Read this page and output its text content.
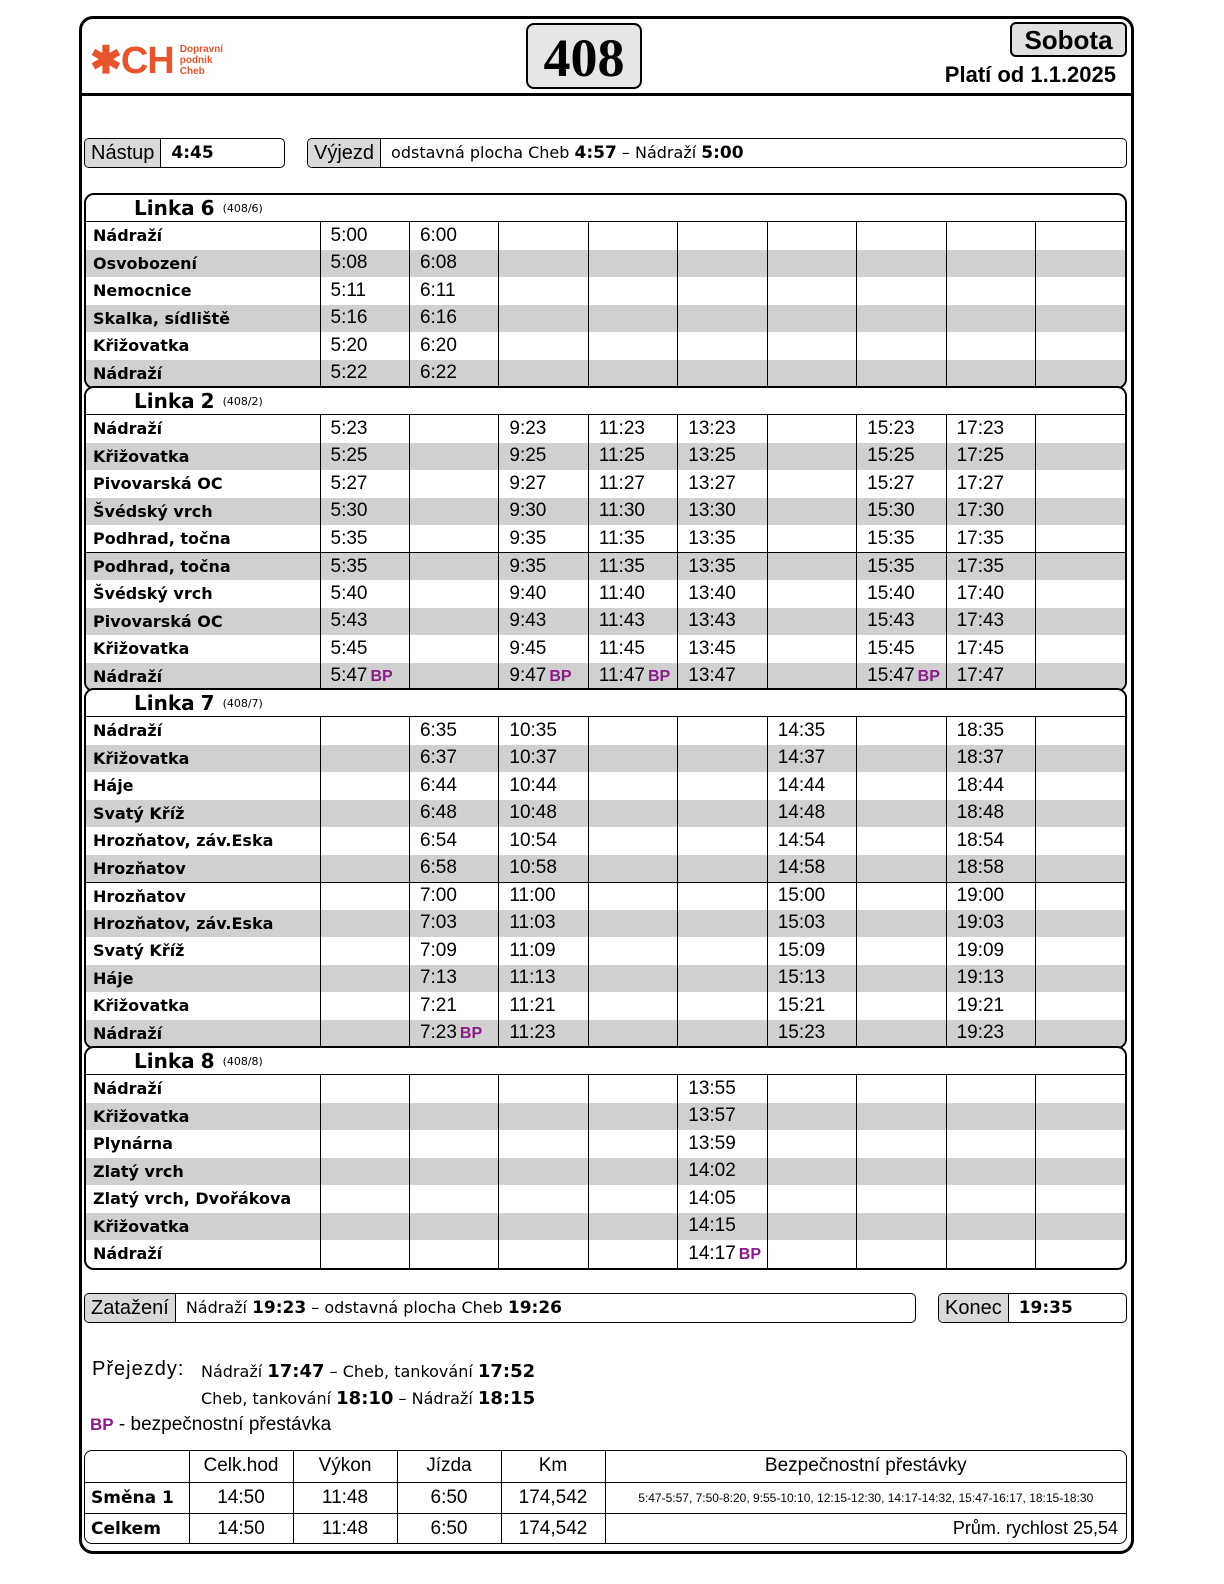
✱CH Dopravní
podnik
Cheb	408	Sobota
Platí od 1.1.2025
Nástup	4:45	Výjezd	odstavná plocha Cheb 4:57 – Nádraží 5:00
Linka 6 (408/6)
Nádraží	5:00	6:00							
Osvobození	5:08	6:08							
Nemocnice	5:11	6:11							
Skalka, sídliště	5:16	6:16							
Křižovatka	5:20	6:20							
Nádraží	5:22	6:22							
Linka 2 (408/2)
Nádraží	5:23		9:23	11:23	13:23		15:23	17:23	
Křižovatka	5:25		9:25	11:25	13:25		15:25	17:25	
Pivovarská OC	5:27		9:27	11:27	13:27		15:27	17:27	
Švédský vrch	5:30		9:30	11:30	13:30		15:30	17:30	
Podhrad, točna	5:35		9:35	11:35	13:35		15:35	17:35	
Podhrad, točna	5:35		9:35	11:35	13:35		15:35	17:35	
Švédský vrch	5:40		9:40	11:40	13:40		15:40	17:40	
Pivovarská OC	5:43		9:43	11:43	13:43		15:43	17:43	
Křižovatka	5:45		9:45	11:45	13:45		15:45	17:45	
Nádraží	5:47 BP		9:47 BP	11:47 BP	13:47		15:47 BP	17:47	
Linka 7 (408/7)
Nádraží		6:35	10:35			14:35		18:35	
Křižovatka		6:37	10:37			14:37		18:37	
Háje		6:44	10:44			14:44		18:44	
Svatý Kříž		6:48	10:48			14:48		18:48	
Hrozňatov, záv.Eska		6:54	10:54			14:54		18:54	
Hrozňatov		6:58	10:58			14:58		18:58	
Hrozňatov		7:00	11:00			15:00		19:00	
Hrozňatov, záv.Eska		7:03	11:03			15:03		19:03	
Svatý Kříž		7:09	11:09			15:09		19:09	
Háje		7:13	11:13			15:13		19:13	
Křižovatka		7:21	11:21			15:21		19:21	
Nádraží		7:23 BP	11:23			15:23		19:23	
Linka 8 (408/8)
Nádraží					13:55				
Křižovatka					13:57				
Plynárna					13:59				
Zlatý vrch					14:02				
Zlatý vrch, Dvořákova					14:05				
Křižovatka					14:15				
Nádraží					14:17 BP				
Zatažení	Nádraží 19:23 – odstavná plocha Cheb 19:26	Konec	19:35
Přejezdy: Nádraží 17:47 – Cheb, tankování 17:52
Cheb, tankování 18:10 – Nádraží 18:15
BP - bezpečnostní přestávka
	Celk.hod	Výkon	Jízda	Km	Bezpečnostní přestávky
Směna 1	14:50	11:48	6:50	174,542	5:47-5:57, 7:50-8:20, 9:55-10:10, 12:15-12:30, 14:17-14:32, 15:47-16:17, 18:15-18:30
Celkem	14:50	11:48	6:50	174,542	Prům. rychlost 25,54
